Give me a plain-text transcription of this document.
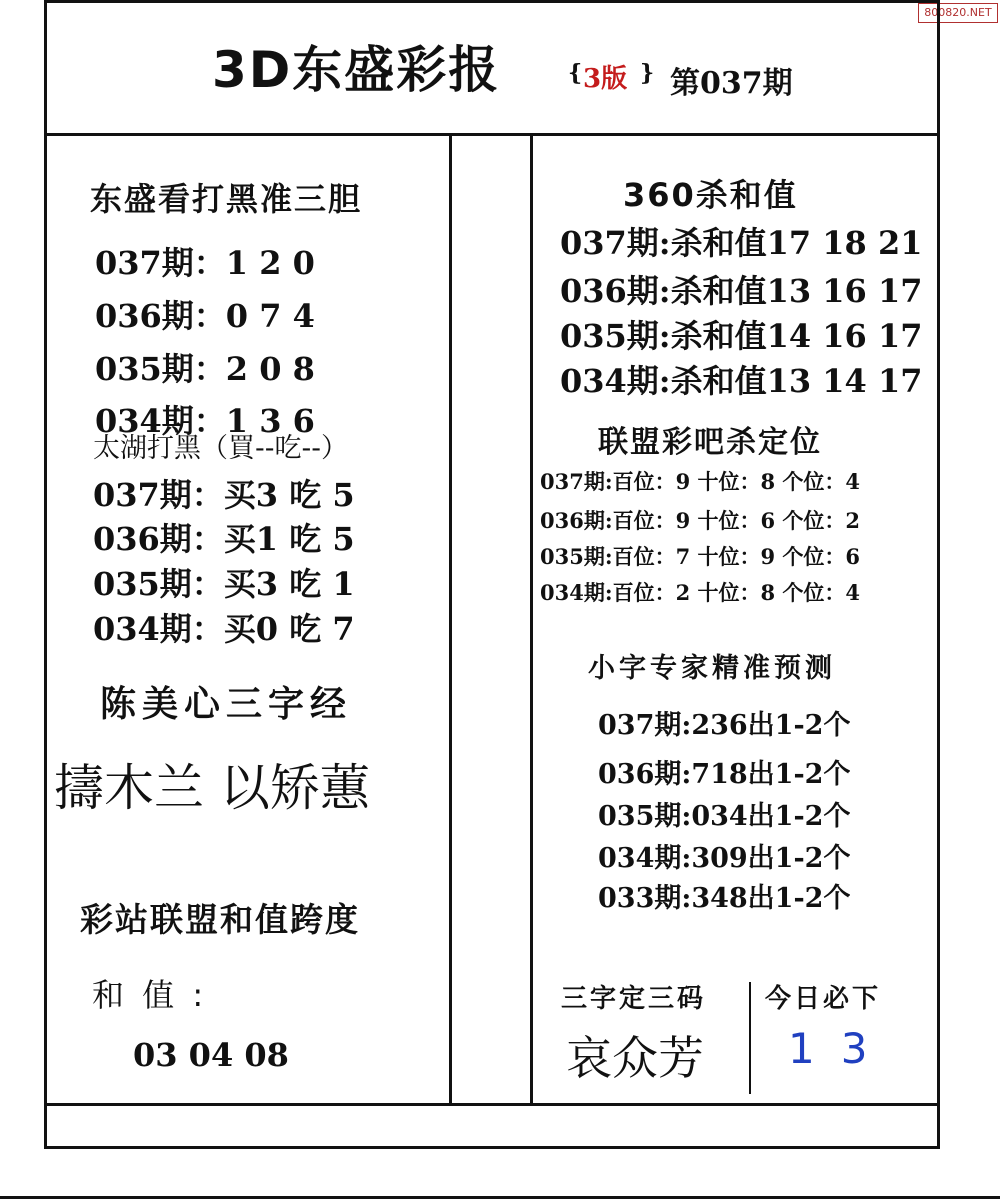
800820.NET
3D东盛彩报	{ 3版 } 第037期
东盛看打黑准三胆
037期：1 2 0
036期：0 7 4
035期：2 0 8
034期：1 3 6
太湖打黑（買--吃--）
037期：买3 吃 5
036期：买1 吃 5
035期：买3 吃 1
034期：买0 吃 7
陈美心三字经
擣木兰 以矫蕙
彩站联盟和值跨度
和 值 :
03 04 08
360杀和值
037期:杀和值17 18 21
036期:杀和值13 16 17
035期:杀和值14 16 17
034期:杀和值13 14 17
联盟彩吧杀定位
037期:百位：9 十位：8 个位：4
036期:百位：9 十位：6 个位：2
035期:百位：7 十位：9 个位：6
034期:百位：2 十位：8 个位：4
小字专家精准预测
037期:236出1-2个
036期:718出1-2个
035期:034出1-2个
034期:309出1-2个
033期:348出1-2个
三字定三码
哀众芳
今日必下
13
